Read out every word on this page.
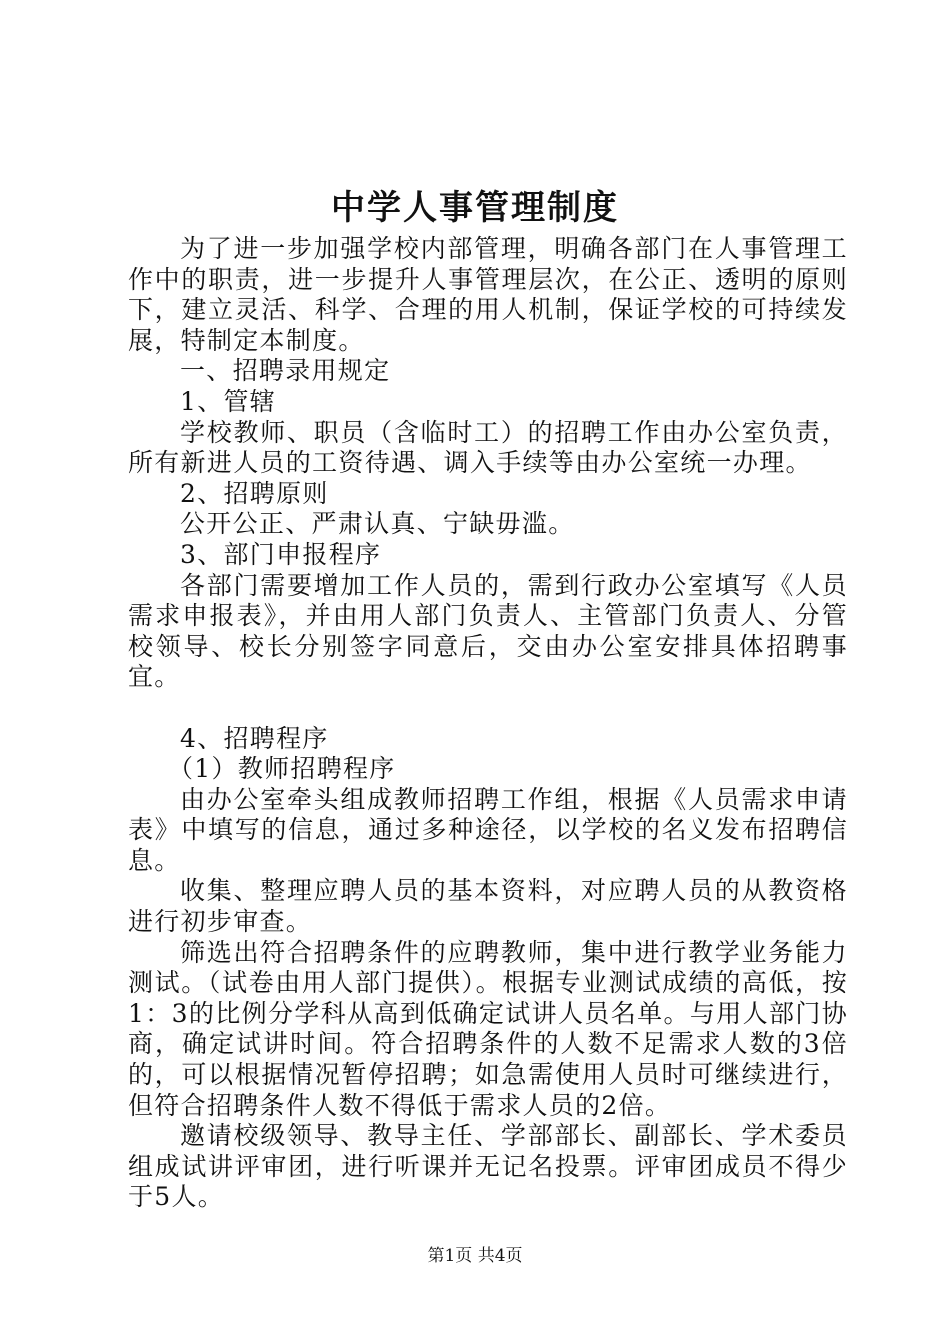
中学人事管理制度

为了进一步加强学校内部管理，明确各部门在人事管理工作中的职责，进一步提升人事管理层次，在公正、透明的原则下，建立灵活、科学、合理的用人机制，保证学校的可持续发展，特制定本制度。

一、招聘录用规定

1、管辖

学校教师、职员（含临时工）的招聘工作由办公室负责，所有新进人员的工资待遇、调入手续等由办公室统一办理。

2、招聘原则

公开公正、严肃认真、宁缺毋滥。

3、部门申报程序

各部门需要增加工作人员的，需到行政办公室填写《人员需求申报表》，并由用人部门负责人、主管部门负责人、分管校领导、校长分别签字同意后，交由办公室安排具体招聘事宜。

4、招聘程序

（1）教师招聘程序

由办公室牵头组成教师招聘工作组，根据《人员需求申请表》中填写的信息，通过多种途径，以学校的名义发布招聘信息。

收集、整理应聘人员的基本资料，对应聘人员的从教资格进行初步审查。

筛选出符合招聘条件的应聘教师，集中进行教学业务能力测试。（试卷由用人部门提供）。根据专业测试成绩的高低，按1：3的比例分学科从高到低确定试讲人员名单。与用人部门协商，确定试讲时间。符合招聘条件的人数不足需求人数的3倍的，可以根据情况暂停招聘；如急需使用人员时可继续进行，但符合招聘条件人数不得低于需求人员的2倍。

邀请校级领导、教导主任、学部部长、副部长、学术委员组成试讲评审团，进行听课并无记名投票。评审团成员不得少于5人。

第1页 共4页
